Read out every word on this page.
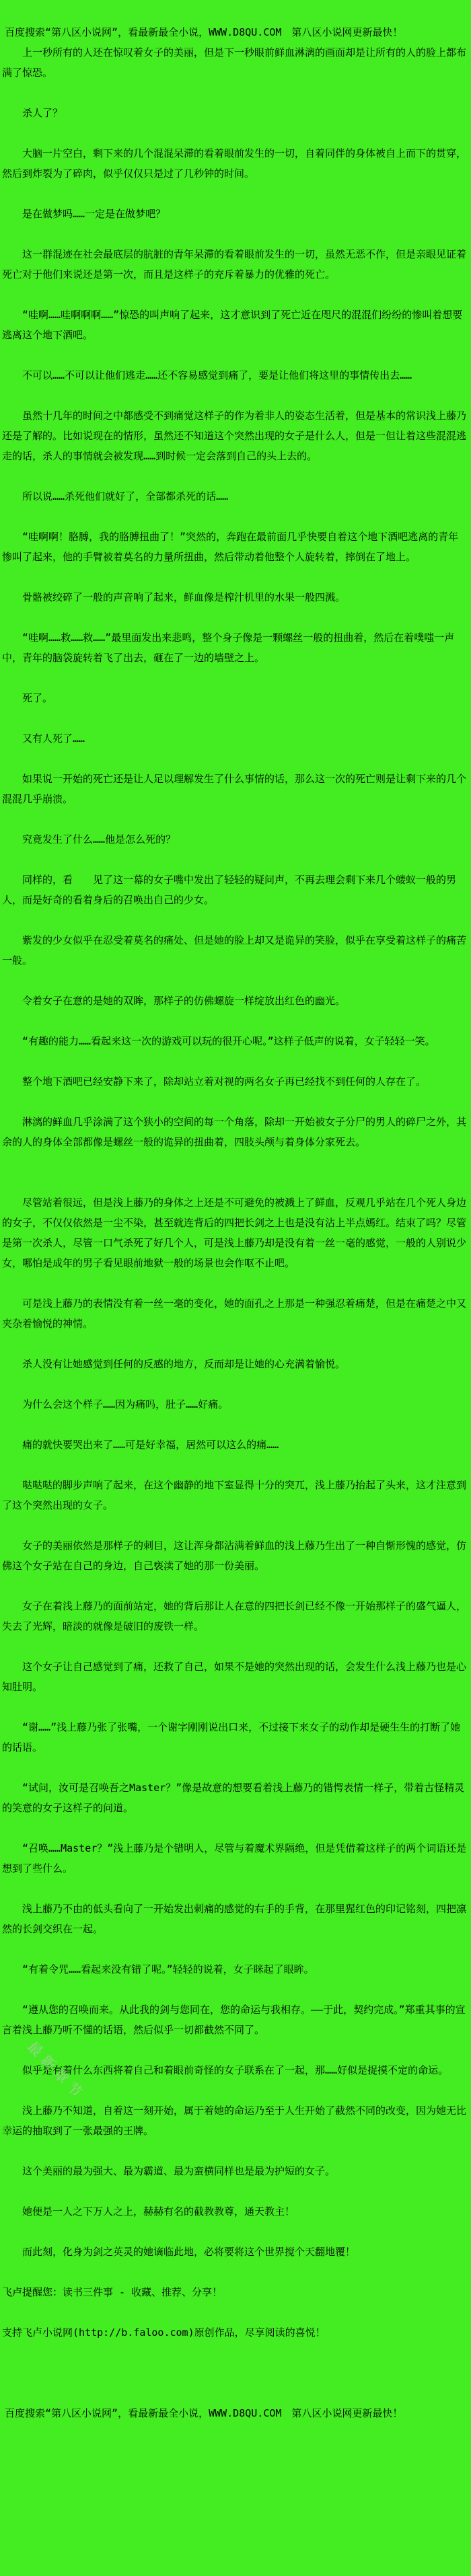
最新章节

百度搜索“第八区小说网”，看最新最全小说，WWW.D8QU.COM　第八区小说网更新最快！

上一秒所有的人还在惊叹着女子的美丽，但是下一秒眼前鲜血淋漓的画面却是让所有的人的脸上都布满了惊恐。

杀人了？

大脑一片空白，剩下来的几个混混呆滞的看着眼前发生的一切，自着同伴的身体被自上而下的贯穿，然后到炸裂为了碎肉，似乎仅仅只是过了几秒钟的时间。

是在做梦吗……一定是在做梦吧？

这一群混迹在社会最底层的肮脏的青年呆滞的看着眼前发生的一切，虽然无恶不作，但是亲眼见证着死亡对于他们来说还是第一次，而且是这样子的充斥着暴力的优雅的死亡。

“哇啊……哇啊啊啊……”惊恐的叫声响了起来，这才意识到了死亡近在咫尺的混混们纷纷的惨叫着想要逃离这个地下酒吧。

不可以……不可以让他们逃走……还不容易感觉到痛了，要是让他们将这里的事情传出去……

虽然十几年的时间之中都感受不到痛觉这样子的作为着非人的姿态生活着，但是基本的常识浅上藤乃还是了解的。比如说现在的情形，虽然还不知道这个突然出现的女子是什么人，但是一但让着这些混混逃走的话，杀人的事情就会被发现……到时候一定会落到自己的头上去的。

所以说……杀死他们就好了，全部都杀死的话……

“哇啊啊！胳膊，我的胳膊扭曲了！”突然的，奔跑在最前面几乎快要自着这个地下酒吧逃离的青年惨叫了起来，他的手臂被着莫名的力量所扭曲，然后带动着他整个人旋转着，摔倒在了地上。

骨骼被绞碎了一般的声音响了起来，鲜血像是榨汁机里的水果一般四溅。

“哇啊……救……救……”最里面发出来悲鸣，整个身子像是一颗螺丝一般的扭曲着，然后在着噗嗤一声中，青年的脑袋旋转着飞了出去，砸在了一边的墙壁之上。

死了。

又有人死了……

如果说一开始的死亡还是让人足以理解发生了什么事情的话，那么这一次的死亡则是让剩下来的几个混混几乎崩溃。

究竟发生了什么……他是怎么死的？

同样的，看　　见了这一幕的女子嘴中发出了轻轻的疑问声，不再去理会剩下来几个蝼蚁一般的男人，而是好奇的看着身后的召唤出自己的少女。

紫发的少女似乎在忍受着莫名的痛处、但是她的脸上却又是诡异的笑脸，似乎在享受着这样子的痛苦一般。

令着女子在意的是她的双眸，那样子的仿佛螺旋一样绽放出红色的幽光。

“有趣的能力……看起来这一次的游戏可以玩的很开心呢。”这样子低声的说着，女子轻轻一笑。

整个地下酒吧已经安静下来了，除却站立着对视的两名女子再已经找不到任何的人存在了。

淋漓的鲜血几乎涂满了这个狭小的空间的每一个角落，除却一开始被女子分尸的男人的碎尸之外，其余的人的身体全部都像是螺丝一般的诡异的扭曲着，四肢头颅与着身体分家死去。

尽管站着很远，但是浅上藤乃的身体之上还是不可避免的被溅上了鲜血，反观几乎站在几个死人身边的女子，不仅仅依然是一尘不染，甚至就连背后的四把长剑之上也是没有沾上半点嫣红。结束了吗？尽管是第一次杀人，尽管一口气杀死了好几个人，可是浅上藤乃却是没有着一丝一毫的感觉，一般的人别说少女，哪怕是成年的男子看见眼前地狱一般的场景也会作呕不止吧。

可是浅上藤乃的表情没有着一丝一毫的变化，她的面孔之上那是一种强忍着痛楚，但是在痛楚之中又夹杂着愉悦的神情。

杀人没有让她感觉到任何的反感的地方，反而却是让她的心充满着愉悦。

为什么会这个样子……因为痛吗，肚子……好痛。

痛的就快要哭出来了……可是好幸福，居然可以这么的痛……

哒哒哒的脚步声响了起来，在这个幽静的地下室显得十分的突兀，浅上藤乃抬起了头来，这才注意到了这个突然出现的女子。

女子的美丽依然是那样子的刺目，这让浑身都沾满着鲜血的浅上藤乃生出了一种自惭形愧的感觉，仿佛这个女子站在自己的身边，自己亵渎了她的那一份美丽。

女子在着浅上藤乃的面前站定，她的背后那让人在意的四把长剑已经不像一开始那样子的盛气逼人，失去了光辉，暗淡的就像是破旧的废铁一样。

这个女子让自己感觉到了痛，还救了自己，如果不是她的突然出现的话，会发生什么浅上藤乃也是心知肚明。

“谢……”浅上藤乃张了张嘴，一个谢字刚刚说出口来，不过接下来女子的动作却是硬生生的打断了她的话语。

“试问，汝可是召唤吾之Master？”像是故意的想要看着浅上藤乃的错愕表情一样子，带着古怪精灵的笑意的女子这样子的问道。

“召唤……Master？”浅上藤乃是个错明人，尽管与着魔术界隔绝，但是凭借着这样子的两个词语还是想到了些什么。

浅上藤乃不由的低头看向了一开始发出刺痛的感觉的右手的手背，在那里猩红色的印记铭刻，四把凛然的长剑交织在一起。

“有着令咒……看起来没有错了呢。”轻轻的说着，女子眯起了眼眸。

“遵从您的召唤而来。从此我的剑与您同在，您的命运与我相存。——于此，契约完成。”郑重其事的宣言着浅上藤乃听不懂的话语，然后似乎一切都截然不同了。

似乎是有着什么东西将着自己和着眼前奇怪的女子联系在了一起，那……好似是捉摸不定的命运。

浅上藤乃不知道，自着这一刻开始，属于着她的命运乃至于人生开始了截然不同的改变，因为她无比幸运的抽取到了一张最强的王牌。

这个美丽的最为强大、最为霸道、最为蛮横同样也是最为护短的女子。

她便是一人之下万人之上，赫赫有名的截教教尊，通天教主！

而此刻，化身为剑之英灵的她谪临此地，必将要将这个世界搅个天翻地覆！

飞卢提醒您：读书三件事 - 收藏、推荐、分享！

支持飞卢小说网(http://b.faloo.com)原创作品，尽享阅读的喜悦！

百度搜索“第八区小说网”，看最新最全小说，WWW.D8QU.COM　第八区小说网更新最快！
